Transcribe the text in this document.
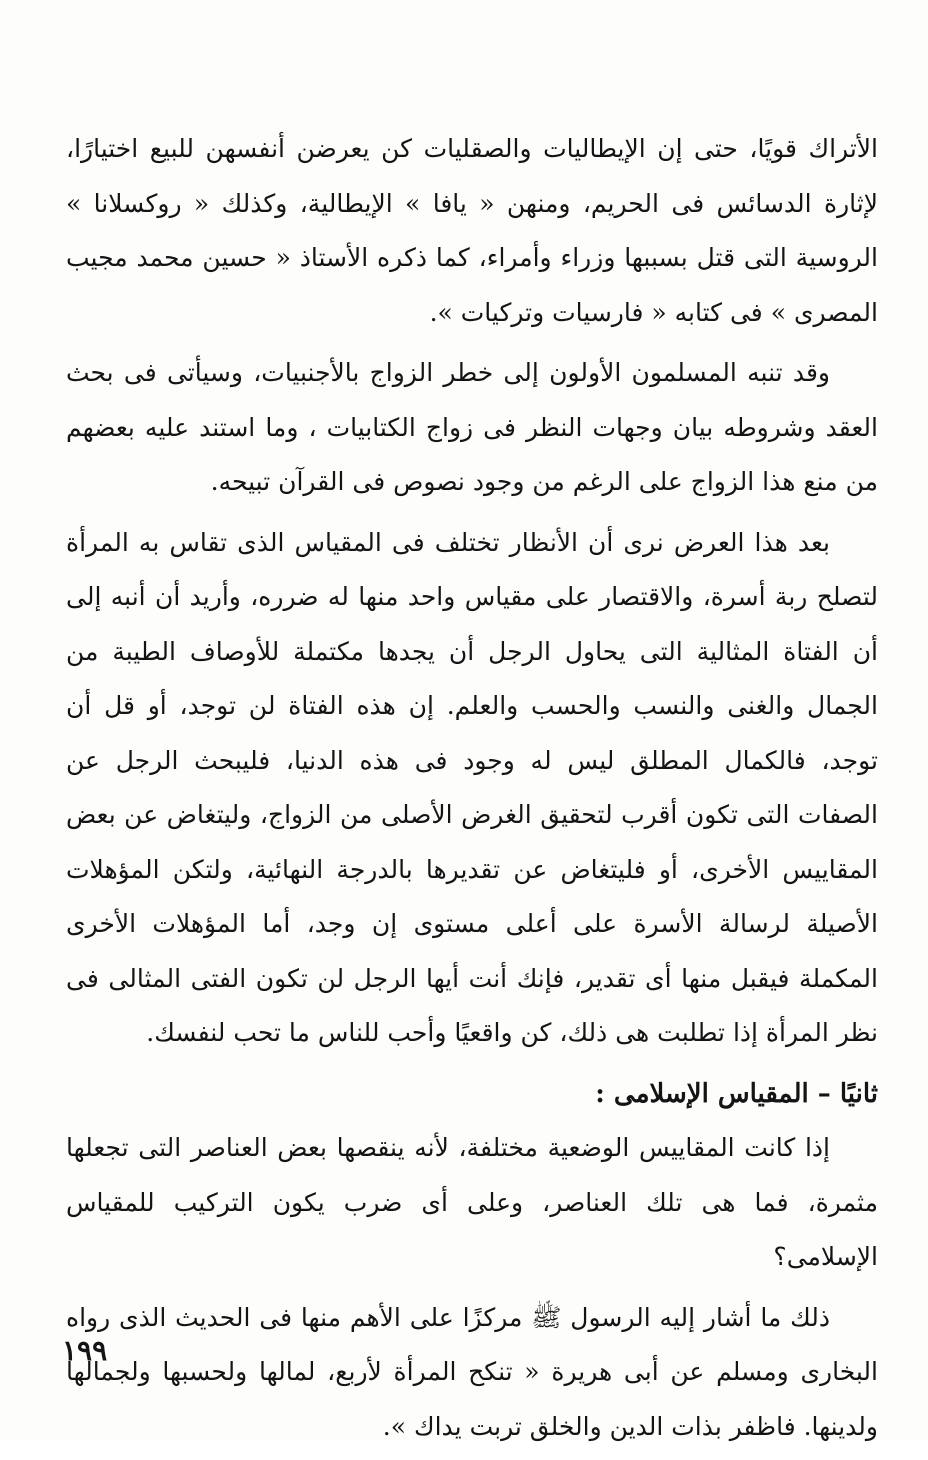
الأتراك قويًا، حتى إن الإيطاليات والصقليات كن يعرضن أنفسهن للبيع اختيارًا، لإثارة الدسائس فى الحريم، ومنهن « يافا » الإيطالية، وكذلك « روكسلانا » الروسية التى قتل بسببها وزراء وأمراء، كما ذكره الأستاذ « حسين محمد مجيب المصرى » فى كتابه « فارسيات وتركيات ».

وقد تنبه المسلمون الأولون إلى خطر الزواج بالأجنبيات، وسيأتى فى بحث العقد وشروطه بيان وجهات النظر فى زواج الكتابيات ، وما استند عليه بعضهم من منع هذا الزواج على الرغم من وجود نصوص فى القرآن تبيحه.

بعد هذا العرض نرى أن الأنظار تختلف فى المقياس الذى تقاس به المرأة لتصلح ربة أسرة، والاقتصار على مقياس واحد منها له ضرره، وأريد أن أنبه إلى أن الفتاة المثالية التى يحاول الرجل أن يجدها مكتملة للأوصاف الطيبة من الجمال والغنى والنسب والحسب والعلم. إن هذه الفتاة لن توجد، أو قل أن توجد، فالكمال المطلق ليس له وجود فى هذه الدنيا، فليبحث الرجل عن الصفات التى تكون أقرب لتحقيق الغرض الأصلى من الزواج، وليتغاض عن بعض المقاييس الأخرى، أو فليتغاض عن تقديرها بالدرجة النهائية، ولتكن المؤهلات الأصيلة لرسالة الأسرة على أعلى مستوى إن وجد، أما المؤهلات الأخرى المكملة فيقبل منها أى تقدير، فإنك أنت أيها الرجل لن تكون الفتى المثالى فى نظر المرأة إذا تطلبت هى ذلك، كن واقعيًا وأحب للناس ما تحب لنفسك.

ثانيًا – المقياس الإسلامى :

إذا كانت المقاييس الوضعية مختلفة، لأنه ينقصها بعض العناصر التى تجعلها مثمرة، فما هى تلك العناصر، وعلى أى ضرب يكون التركيب للمقياس الإسلامى؟

ذلك ما أشار إليه الرسول ﷺ مركزًا على الأهم منها فى الحديث الذى رواه البخارى ومسلم عن أبى هريرة « تنكح المرأة لأربع، لمالها ولحسبها ولجمالها ولدينها. فاظفر بذات الدين والخلق تربت يداك ».

١٩٩
